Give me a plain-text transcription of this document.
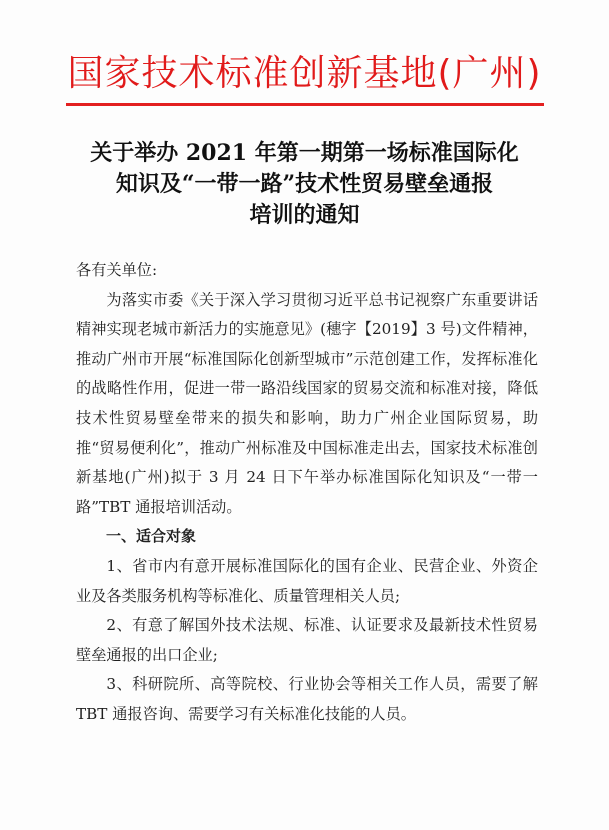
国家技术标准创新基地(广州)
关于举办 2021 年第一期第一场标准国际化
知识及“一带一路”技术性贸易壁垒通报
培训的通知

各有关单位:

为落实市委《关于深入学习贯彻习近平总书记视察广东重要讲话精神实现老城市新活力的实施意见》(穗字【2019】3 号)文件精神，推动广州市开展“标准国际化创新型城市”示范创建工作，发挥标准化的战略性作用，促进一带一路沿线国家的贸易交流和标准对接，降低技术性贸易壁垒带来的损失和影响，助力广州企业国际贸易，助推“贸易便利化”，推动广州标准及中国标准走出去，国家技术标准创新基地(广州)拟于 3 月 24 日下午举办标准国际化知识及“一带一路”TBT 通报培训活动。

一、适合对象

1、省市内有意开展标准国际化的国有企业、民营企业、外资企业及各类服务机构等标准化、质量管理相关人员;

2、有意了解国外技术法规、标准、认证要求及最新技术性贸易壁垒通报的出口企业;

3、科研院所、高等院校、行业协会等相关工作人员，需要了解 TBT 通报咨询、需要学习有关标准化技能的人员。
